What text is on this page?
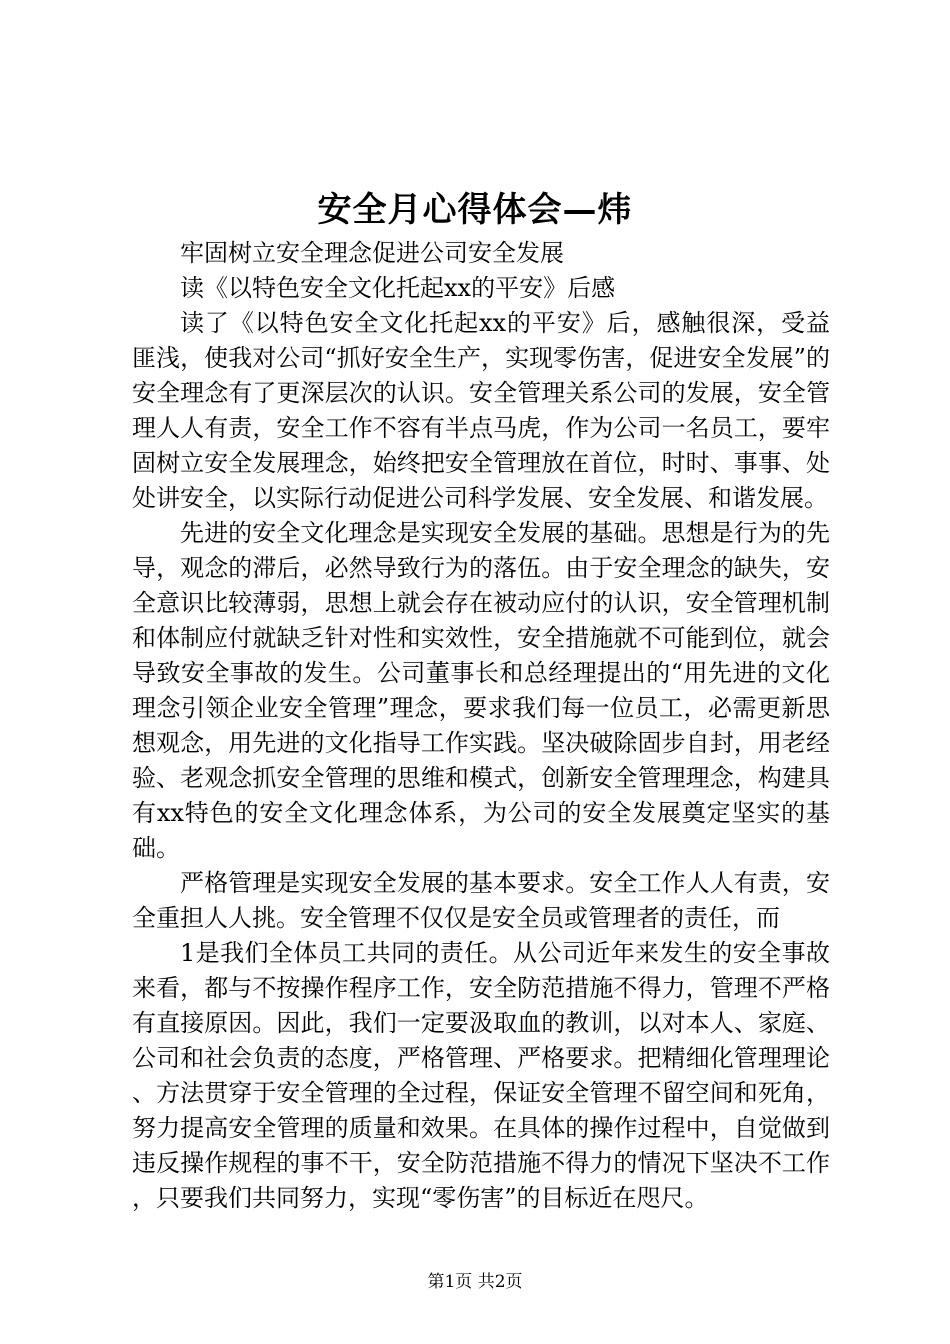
安全月心得体会—炜

牢固树立安全理念促进公司安全发展

读《以特色安全文化托起xx的平安》后感

读了《以特色安全文化托起xx的平安》后，感触很深，受益匪浅，使我对公司“抓好安全生产，实现零伤害，促进安全发展”的安全理念有了更深层次的认识。安全管理关系公司的发展，安全管理人人有责，安全工作不容有半点马虎，作为公司一名员工，要牢固树立安全发展理念，始终把安全管理放在首位，时时、事事、处处讲安全，以实际行动促进公司科学发展、安全发展、和谐发展。

先进的安全文化理念是实现安全发展的基础。思想是行为的先导，观念的滞后，必然导致行为的落伍。由于安全理念的缺失，安全意识比较薄弱，思想上就会存在被动应付的认识，安全管理机制和体制应付就缺乏针对性和实效性，安全措施就不可能到位，就会导致安全事故的发生。公司董事长和总经理提出的“用先进的文化理念引领企业安全管理”理念，要求我们每一位员工，必需更新思想观念，用先进的文化指导工作实践。坚决破除固步自封，用老经验、老观念抓安全管理的思维和模式，创新安全管理理念，构建具有xx特色的安全文化理念体系，为公司的安全发展奠定坚实的基础。

严格管理是实现安全发展的基本要求。安全工作人人有责，安全重担人人挑。安全管理不仅仅是安全员或管理者的责任，而

1是我们全体员工共同的责任。从公司近年来发生的安全事故来看，都与不按操作程序工作，安全防范措施不得力，管理不严格有直接原因。因此，我们一定要汲取血的教训，以对本人、家庭、公司和社会负责的态度，严格管理、严格要求。把精细化管理理论、方法贯穿于安全管理的全过程，保证安全管理不留空间和死角，努力提高安全管理的质量和效果。在具体的操作过程中，自觉做到违反操作规程的事不干，安全防范措施不得力的情况下坚决不工作，只要我们共同努力，实现“零伤害”的目标近在咫尺。

第1页 共2页
